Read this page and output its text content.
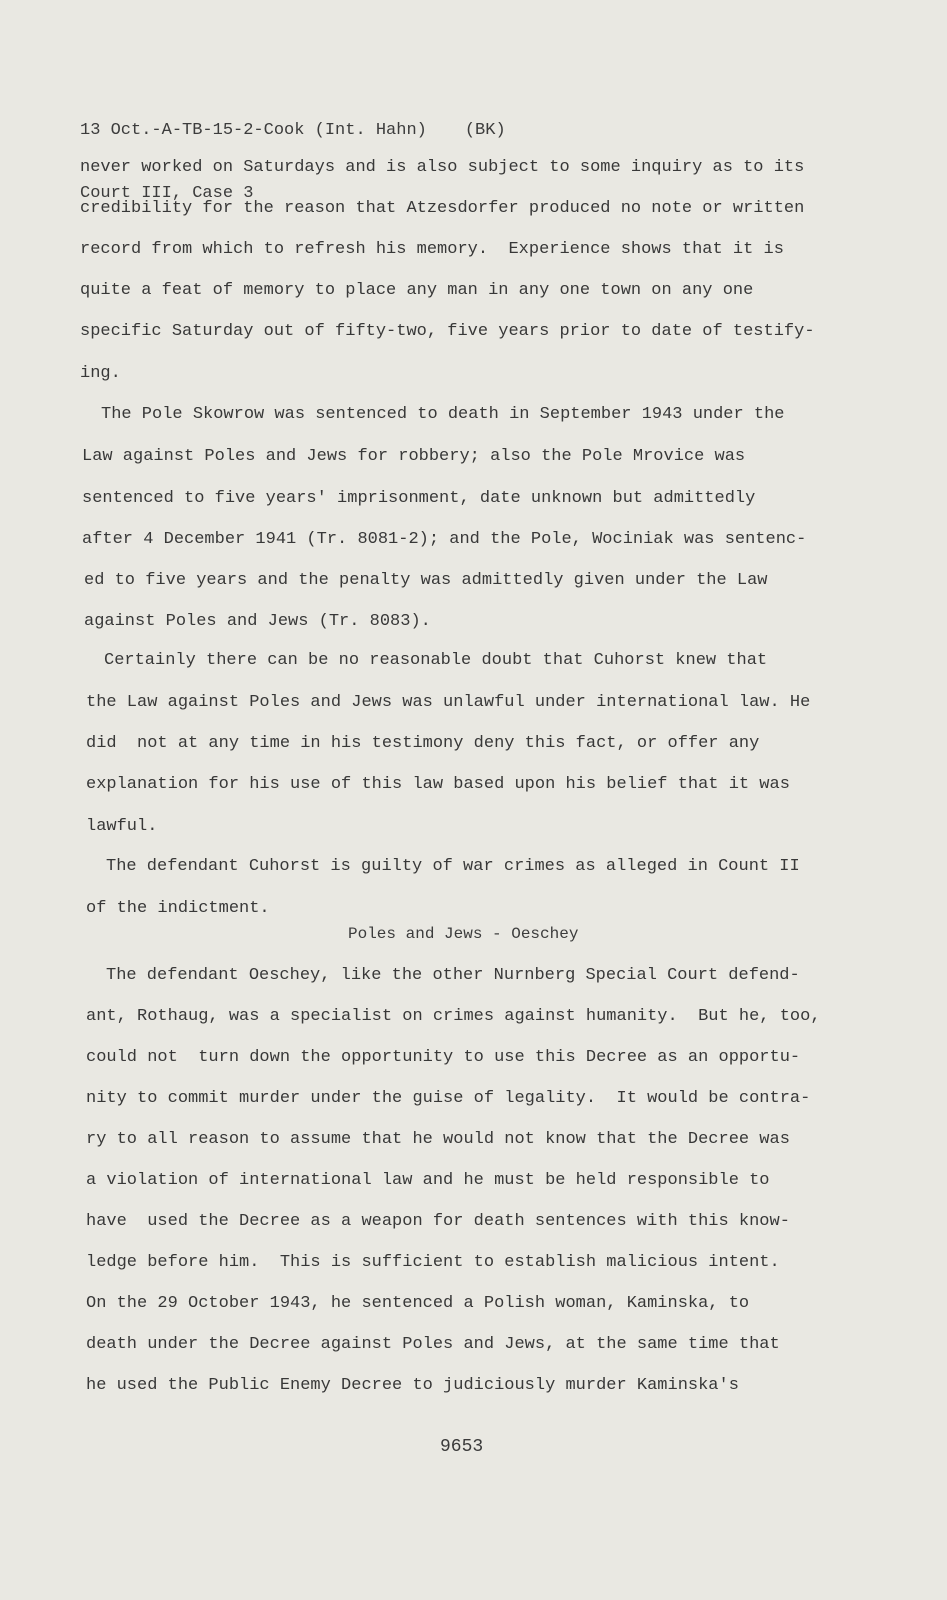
13 Oct.-A-TB-15-2-Cook (Int. Hahn) (BK)

Court III, Case 3

never worked on Saturdays and is also subject to some inquiry as to its
credibility for the reason that Atzesdorfer produced no note or written
record from which to refresh his memory.  Experience shows that it is
quite a feat of memory to place any man in any one town on any one
specific Saturday out of fifty-two, five years prior to date of testify-
ing.
The Pole Skowrow was sentenced to death in September 1943 under the
Law against Poles and Jews for robbery; also the Pole Mrovice was
sentenced to five years' imprisonment, date unknown but admittedly
after 4 December 1941 (Tr. 8081-2); and the Pole, Wociniak was sentenc-
ed to five years and the penalty was admittedly given under the Law
against Poles and Jews (Tr. 8083).
Certainly there can be no reasonable doubt that Cuhorst knew that
the Law against Poles and Jews was unlawful under international law. He
did  not at any time in his testimony deny this fact, or offer any
explanation for his use of this law based upon his belief that it was
lawful.
The defendant Cuhorst is guilty of war crimes as alleged in Count II
of the indictment.
Poles and Jews - Oeschey
The defendant Oeschey, like the other Nurnberg Special Court defend-
ant, Rothaug, was a specialist on crimes against humanity.  But he, too,
could not  turn down the opportunity to use this Decree as an opportu-
nity to commit murder under the guise of legality.  It would be contra-
ry to all reason to assume that he would not know that the Decree was
a violation of international law and he must be held responsible to
have  used the Decree as a weapon for death sentences with this know-
ledge before him.  This is sufficient to establish malicious intent.
On the 29 October 1943, he sentenced a Polish woman, Kaminska, to
death under the Decree against Poles and Jews, at the same time that
he used the Public Enemy Decree to judiciously murder Kaminska's
9653
